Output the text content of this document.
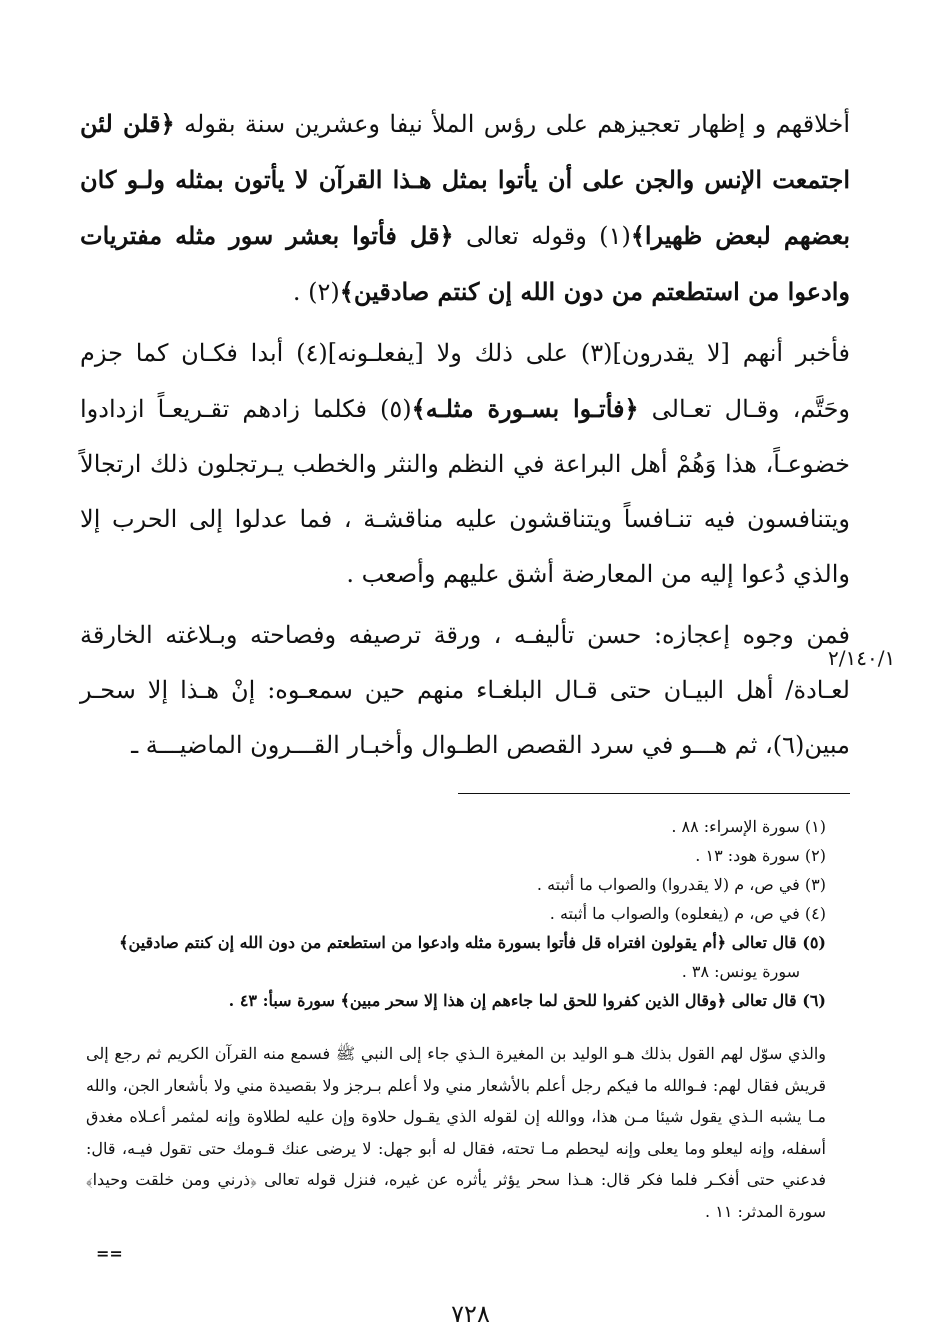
أخلاقهم و إظهار تعجيزهم على رؤس الملأ نيفا وعشرين سنة بقوله ﴿قلن لئن اجتمعت الإنس والجن على أن يأتوا بمثل هـذا القرآن لا يأتون بمثله ولـو كان بعضهم لبعض ظهيرا﴾(١) وقوله تعالى ﴿قل فأتوا بعشر سور مثله مفتريات وادعوا من استطعتم من دون الله إن كنتم صادقين﴾(٢) .

فأخبر أنهم [لا يقدرون](٣) على ذلك ولا [يفعلـونه](٤) أبدا فكـان كما جزم وحَتَّم، وقـال تعـالى ﴿فأتـوا بسـورة مثلـه﴾(٥) فكلما زادهم تقـريعـاً ازدادوا خضوعـاً، هذا وَهُمْ أهل البراعة في النظم والنثر والخطب يـرتجلون ذلك ارتجالاً ويتنافسون فيه تنـافساً ويتناقشون عليه مناقشـة ، فما عدلوا إلى الحرب إلا والذي دُعوا إليه من المعارضة أشق عليهم وأصعب .

فمن وجوه إعجازه: حسن تأليفـه ، ورقة ترصيفه وفصاحته وبـلاغته الخارقة لعـادة/ أهل البيـان حتى قـال البلغـاء منهم حين سمعـوه: إنْ هـذا إلا سحـر مبين(٦)، ثم هـــو في سرد القصص الطـوال وأخبـار القـــرون الماضيـــة ـ

٢/١٤٠/١

(١) سورة الإسراء: ٨٨ .

(٢) سورة هود: ١٣ .

(٣) في ص، م (لا يقدروا) والصواب ما أثبته .

(٤) في ص، م (يفعلوه) والصواب ما أثبته .

(٥) قال تعالى ﴿أم يقولون افتراه قل فأتوا بسورة مثله وادعوا من استطعتم من دون الله إن كنتم صادقين﴾

سورة يونس: ٣٨ .

(٦) قال تعالى ﴿وقال الذين كفروا للحق لما جاءهم إن هذا إلا سحر مبين﴾ سورة سبأ: ٤٣ .

والذي سوّل لهم القول بذلك هـو الوليد بن المغيرة الـذي جاء إلى النبي ﷺ فسمع منه القرآن الكريم ثم رجع إلى قريش فقال لهم: فـوالله ما فيكم رجل أعلم بالأشعار مني ولا أعلم بـرجز ولا بقصيدة مني ولا بأشعار الجن، والله مـا يشبه الـذي يقول شيئا مـن هذا، ووالله إن لقوله الذي يقـول حلاوة وإن عليه لطلاوة وإنه لمثمر أعـلاه مغدق أسفله، وإنه ليعلو وما يعلى وإنه ليحطم مـا تحته، فقال له أبو جهل: لا يرضى عنك قـومك حتى تقول فيـه، قال: فدعني حتى أفكـر فلما فكر قال: هـذا سحر يؤثر يأثره عن غيره، فنزل قوله تعالى ﴿ذرني ومن خلقت وحيدا﴾ سورة المدثر: ١١ .

==
٧٢٨
